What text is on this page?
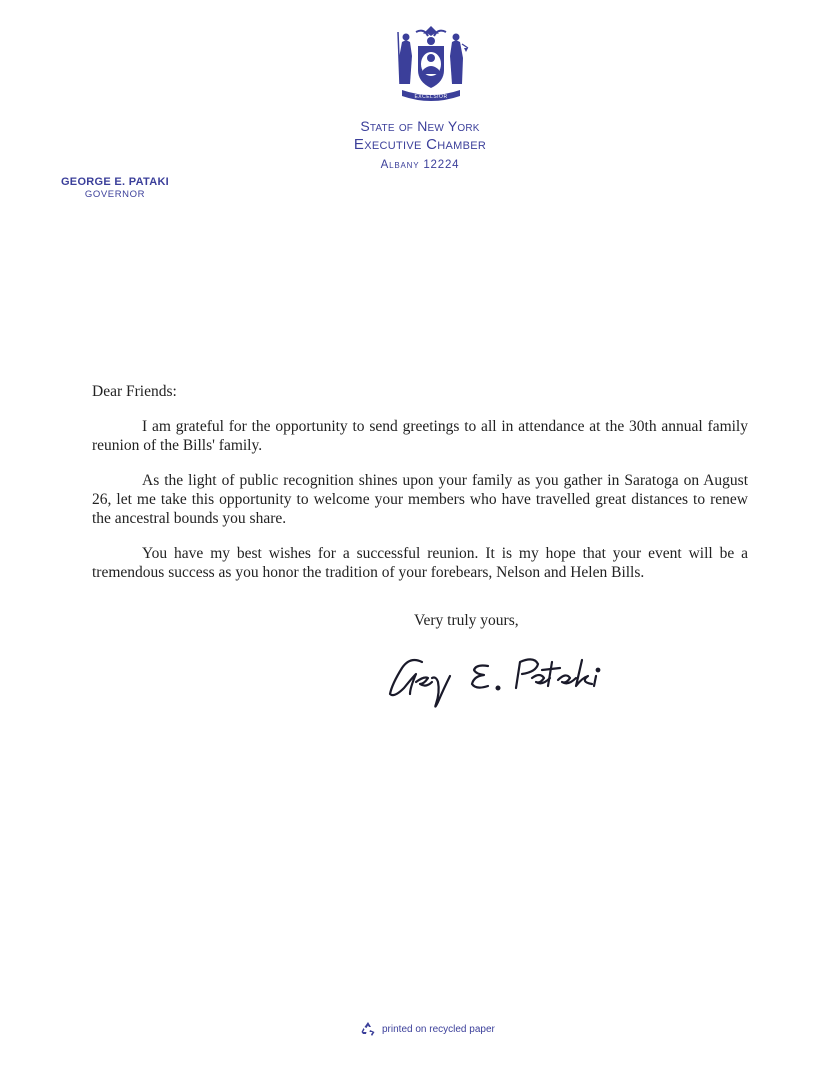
EXCELSIOR
State of New York
Executive Chamber
Albany 12224
GEORGE E. PATAKI
GOVERNOR

Dear Friends:

I am grateful for the opportunity to send greetings to all in attendance at the 30th annual family reunion of the Bills' family.

As the light of public recognition shines upon your family as you gather in Saratoga on August 26, let me take this opportunity to welcome your members who have travelled great distances to renew the ancestral bounds you share.

You have my best wishes for a successful reunion. It is my hope that your event will be a tremendous success as you honor the tradition of your forebears, Nelson and Helen Bills.

Very truly yours,
printed on recycled paper
